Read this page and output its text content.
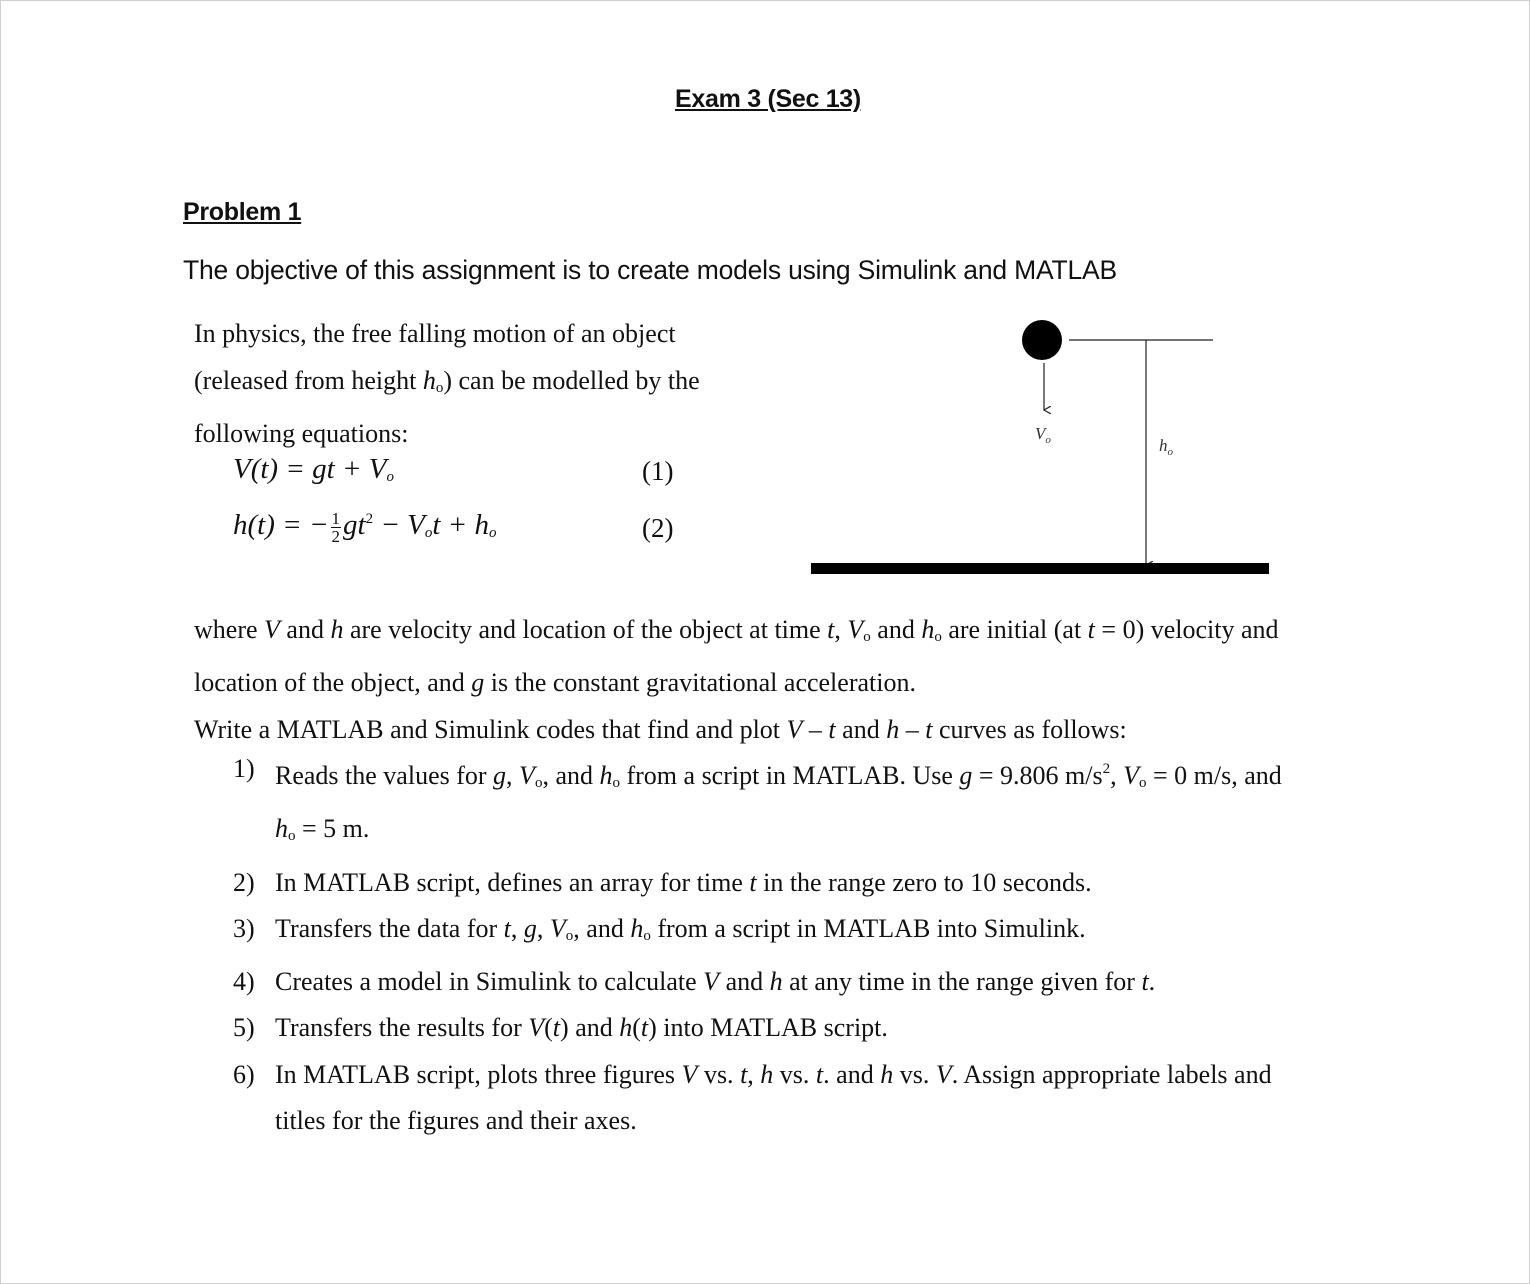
Exam 3 (Sec 13)
Problem 1
The objective of this assignment is to create models using Simulink and MATLAB
In physics, the free falling motion of an object
(released from height $h_o$) can be modelled by the
following equations:
V(t) = gt + $V_o$	(1)
h(t) = − $\frac{1}{2} gt^2 - V_ot + h_o$	(2)
$V_o$	$h_o$

where V and h are velocity and location of the object at time t, $V_o$ and $h_o$ are initial (at t = 0) velocity and

location of the object, and g is the constant gravitational acceleration.

Write a MATLAB and Simulink codes that find and plot V – t and h – t curves as follows:

1) Reads the values for g, $V_o$, and $h_o$ from a script in MATLAB. Use g = 9.806 $m/s^2$, $V_o = 0$ m/s, and
$h_o = 5$ m.
2) In MATLAB script, defines an array for time t in the range zero to 10 seconds.
3) Transfers the data for t, g, $V_o$, and $h_o$ from a script in MATLAB into Simulink.
4) Creates a model in Simulink to calculate V and h at any time in the range given for t.
5) Transfers the results for V(t) and h(t) into MATLAB script.
6) In MATLAB script, plots three figures V vs. t, h vs. t. and h vs. V. Assign appropriate labels and
titles for the figures and their axes.
